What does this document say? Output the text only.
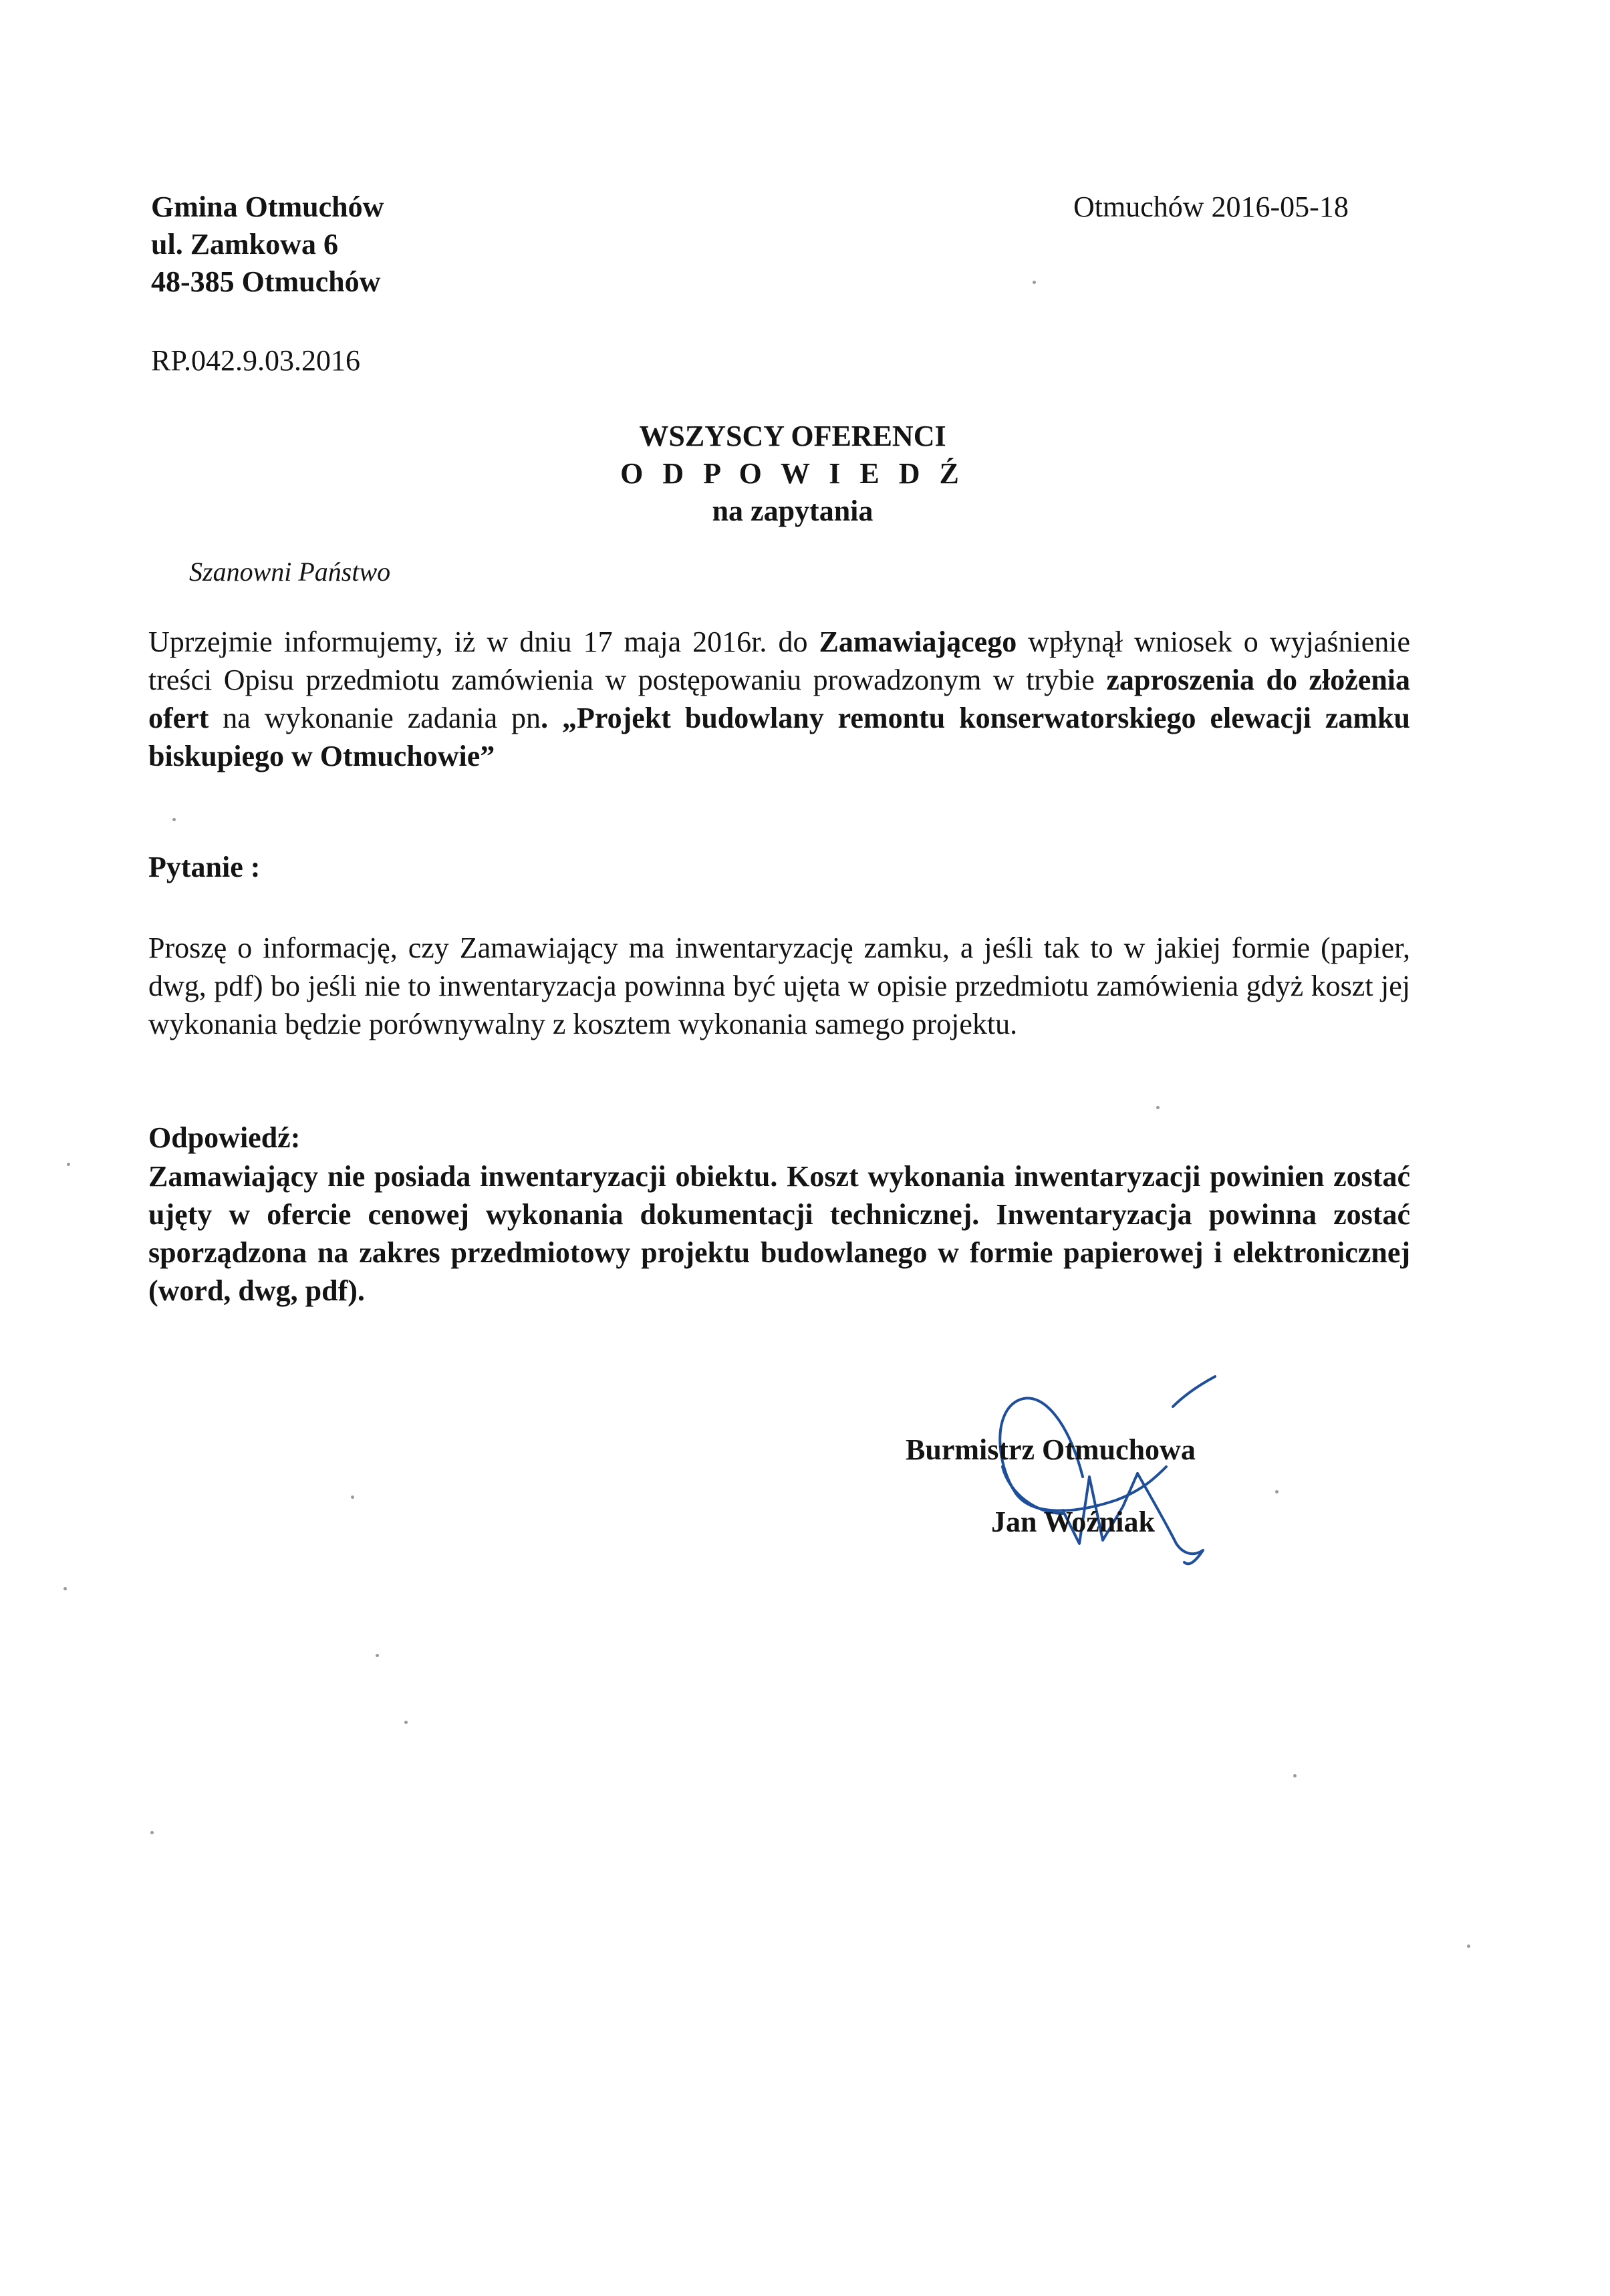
Gmina Otmuchów
ul. Zamkowa 6
48-385 Otmuchów
Otmuchów 2016-05-18
RP.042.9.03.2016
WSZYSCY OFERENCI
O D P O W I E D Ź
na zapytania
Szanowni Państwo
Uprzejmie informujemy, iż w dniu 17 maja 2016r. do Zamawiającego wpłynął wniosek o wyjaśnienie treści Opisu przedmiotu zamówienia w postępowaniu prowadzonym w trybie zaproszenia do złożenia ofert na wykonanie zadania pn. „Projekt budowlany remontu konserwatorskiego elewacji zamku biskupiego w Otmuchowie”
Pytanie :
Proszę o informację, czy Zamawiający ma inwentaryzację zamku, a jeśli tak to w jakiej formie (papier, dwg, pdf) bo jeśli nie to inwentaryzacja powinna być ujęta w opisie przedmiotu zamówienia gdyż koszt jej wykonania będzie porównywalny z kosztem wykonania samego projektu.
Odpowiedź:
Zamawiający nie posiada inwentaryzacji obiektu. Koszt wykonania inwentaryzacji powinien zostać ujęty w ofercie cenowej wykonania dokumentacji technicznej. Inwentaryzacja powinna zostać sporządzona na zakres przedmiotowy projektu budowlanego w formie papierowej i elektronicznej (word, dwg, pdf).
Burmistrz Otmuchowa
Jan Woźniak
